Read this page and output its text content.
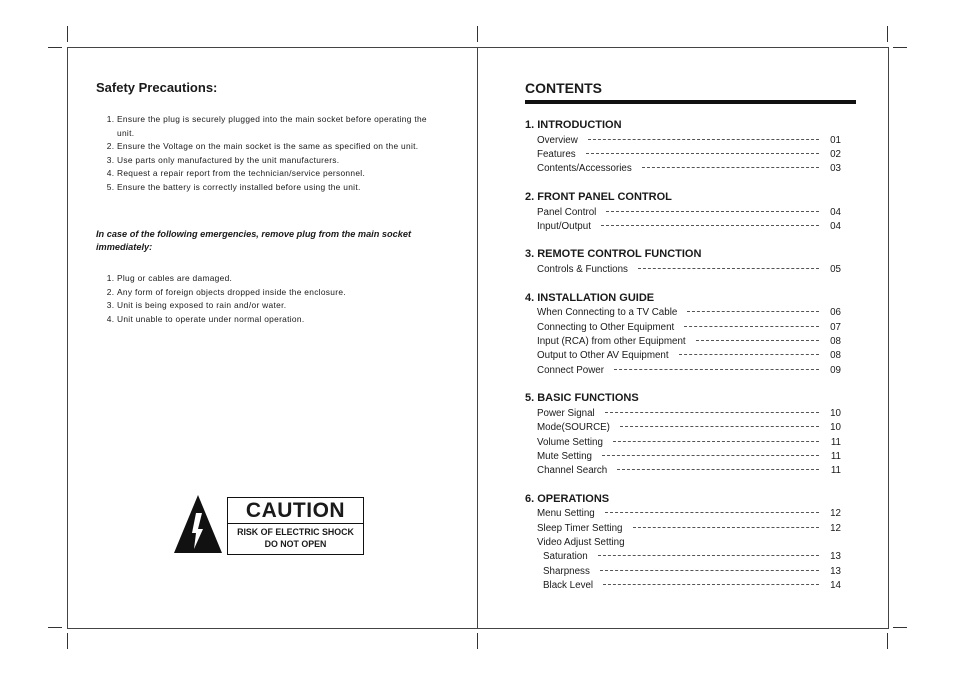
Safety Precautions:
1. Ensure the plug is securely plugged into the main socket before operating the unit.
2. Ensure the Voltage on the main socket is the same as specified on the unit.
3. Use parts only manufactured by the unit manufacturers.
4. Request a repair report from the technician/service personnel.
5. Ensure the battery is correctly installed before using the unit.
In case of the following emergencies, remove plug from the main socket immediately:
1. Plug or cables are damaged.
2. Any form of foreign objects dropped inside the enclosure.
3. Unit is being exposed to rain and/or water.
4. Unit unable to operate under normal operation.
CAUTION
RISK OF ELECTRIC SHOCK
DO NOT OPEN
CONTENTS
1. INTRODUCTION
Overview	01
Features	02
Contents/Accessories	03
2. FRONT PANEL CONTROL
Panel Control	04
Input/Output	04
3. REMOTE CONTROL FUNCTION
Controls & Functions	05
4. INSTALLATION GUIDE
When Connecting to a TV Cable	06
Connecting to Other Equipment	07
Input (RCA) from other Equipment	08
Output to Other AV Equipment	08
Connect Power	09
5. BASIC FUNCTIONS
Power Signal	10
Mode(SOURCE)	10
Volume Setting	11
Mute Setting	11
Channel Search	11
6. OPERATIONS
Menu Setting	12
Sleep Timer Setting	12
Video Adjust Setting
Saturation	13
Sharpness	13
Black Level	14
